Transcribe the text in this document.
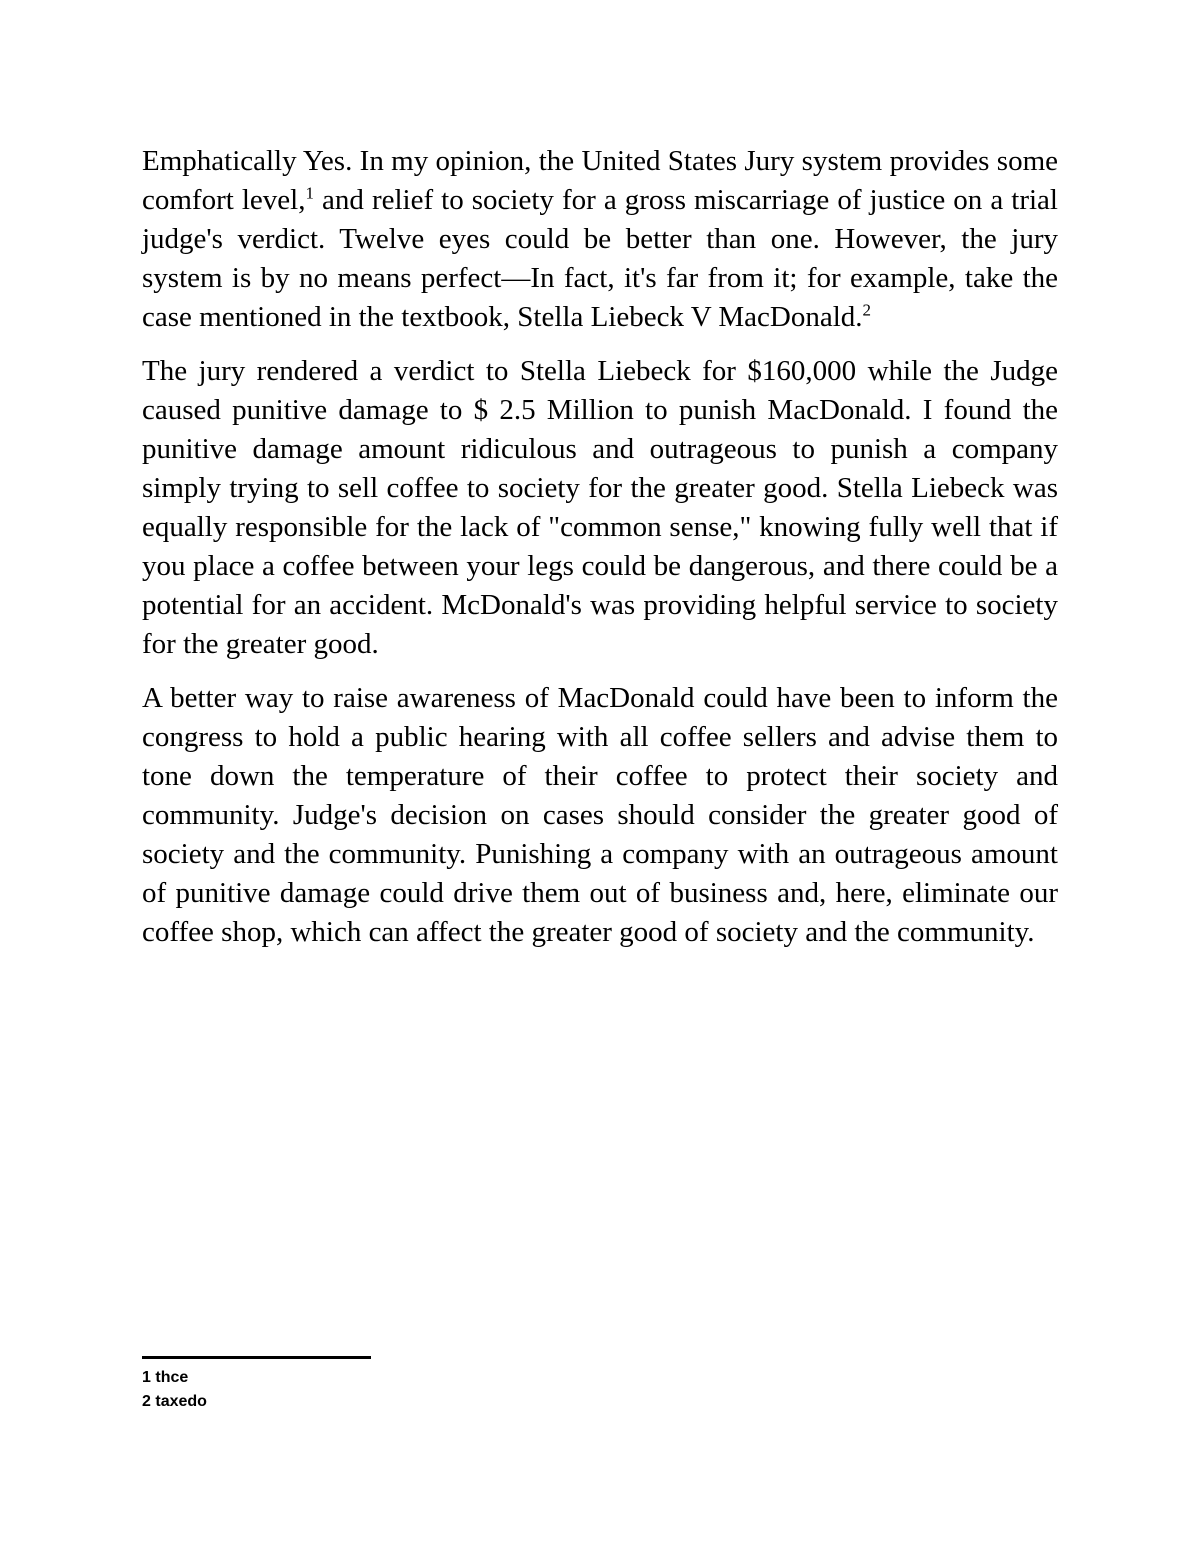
Emphatically Yes. In my opinion, the United States Jury system provides some comfort level,$^1$ and relief to society for a gross miscarriage of justice on a trial judge's verdict. Twelve eyes could be better than one. However, the jury system is by no means perfect—In fact, it's far from it; for example, take the case mentioned in the textbook, Stella Liebeck V MacDonald.$^2$

The jury rendered a verdict to Stella Liebeck for $160,000 while the Judge caused punitive damage to $ 2.5 Million to punish MacDonald. I found the punitive damage amount ridiculous and outrageous to punish a company simply trying to sell coffee to society for the greater good. Stella Liebeck was equally responsible for the lack of "common sense," knowing fully well that if you place a coffee between your legs could be dangerous, and there could be a potential for an accident. McDonald's was providing helpful service to society for the greater good.

A better way to raise awareness of MacDonald could have been to inform the congress to hold a public hearing with all coffee sellers and advise them to tone down the temperature of their coffee to protect their society and community. Judge's decision on cases should consider the greater good of society and the community. Punishing a company with an outrageous amount of punitive damage could drive them out of business and, here, eliminate our coffee shop, which can affect the greater good of society and the community.

1 thce

2 taxedo
